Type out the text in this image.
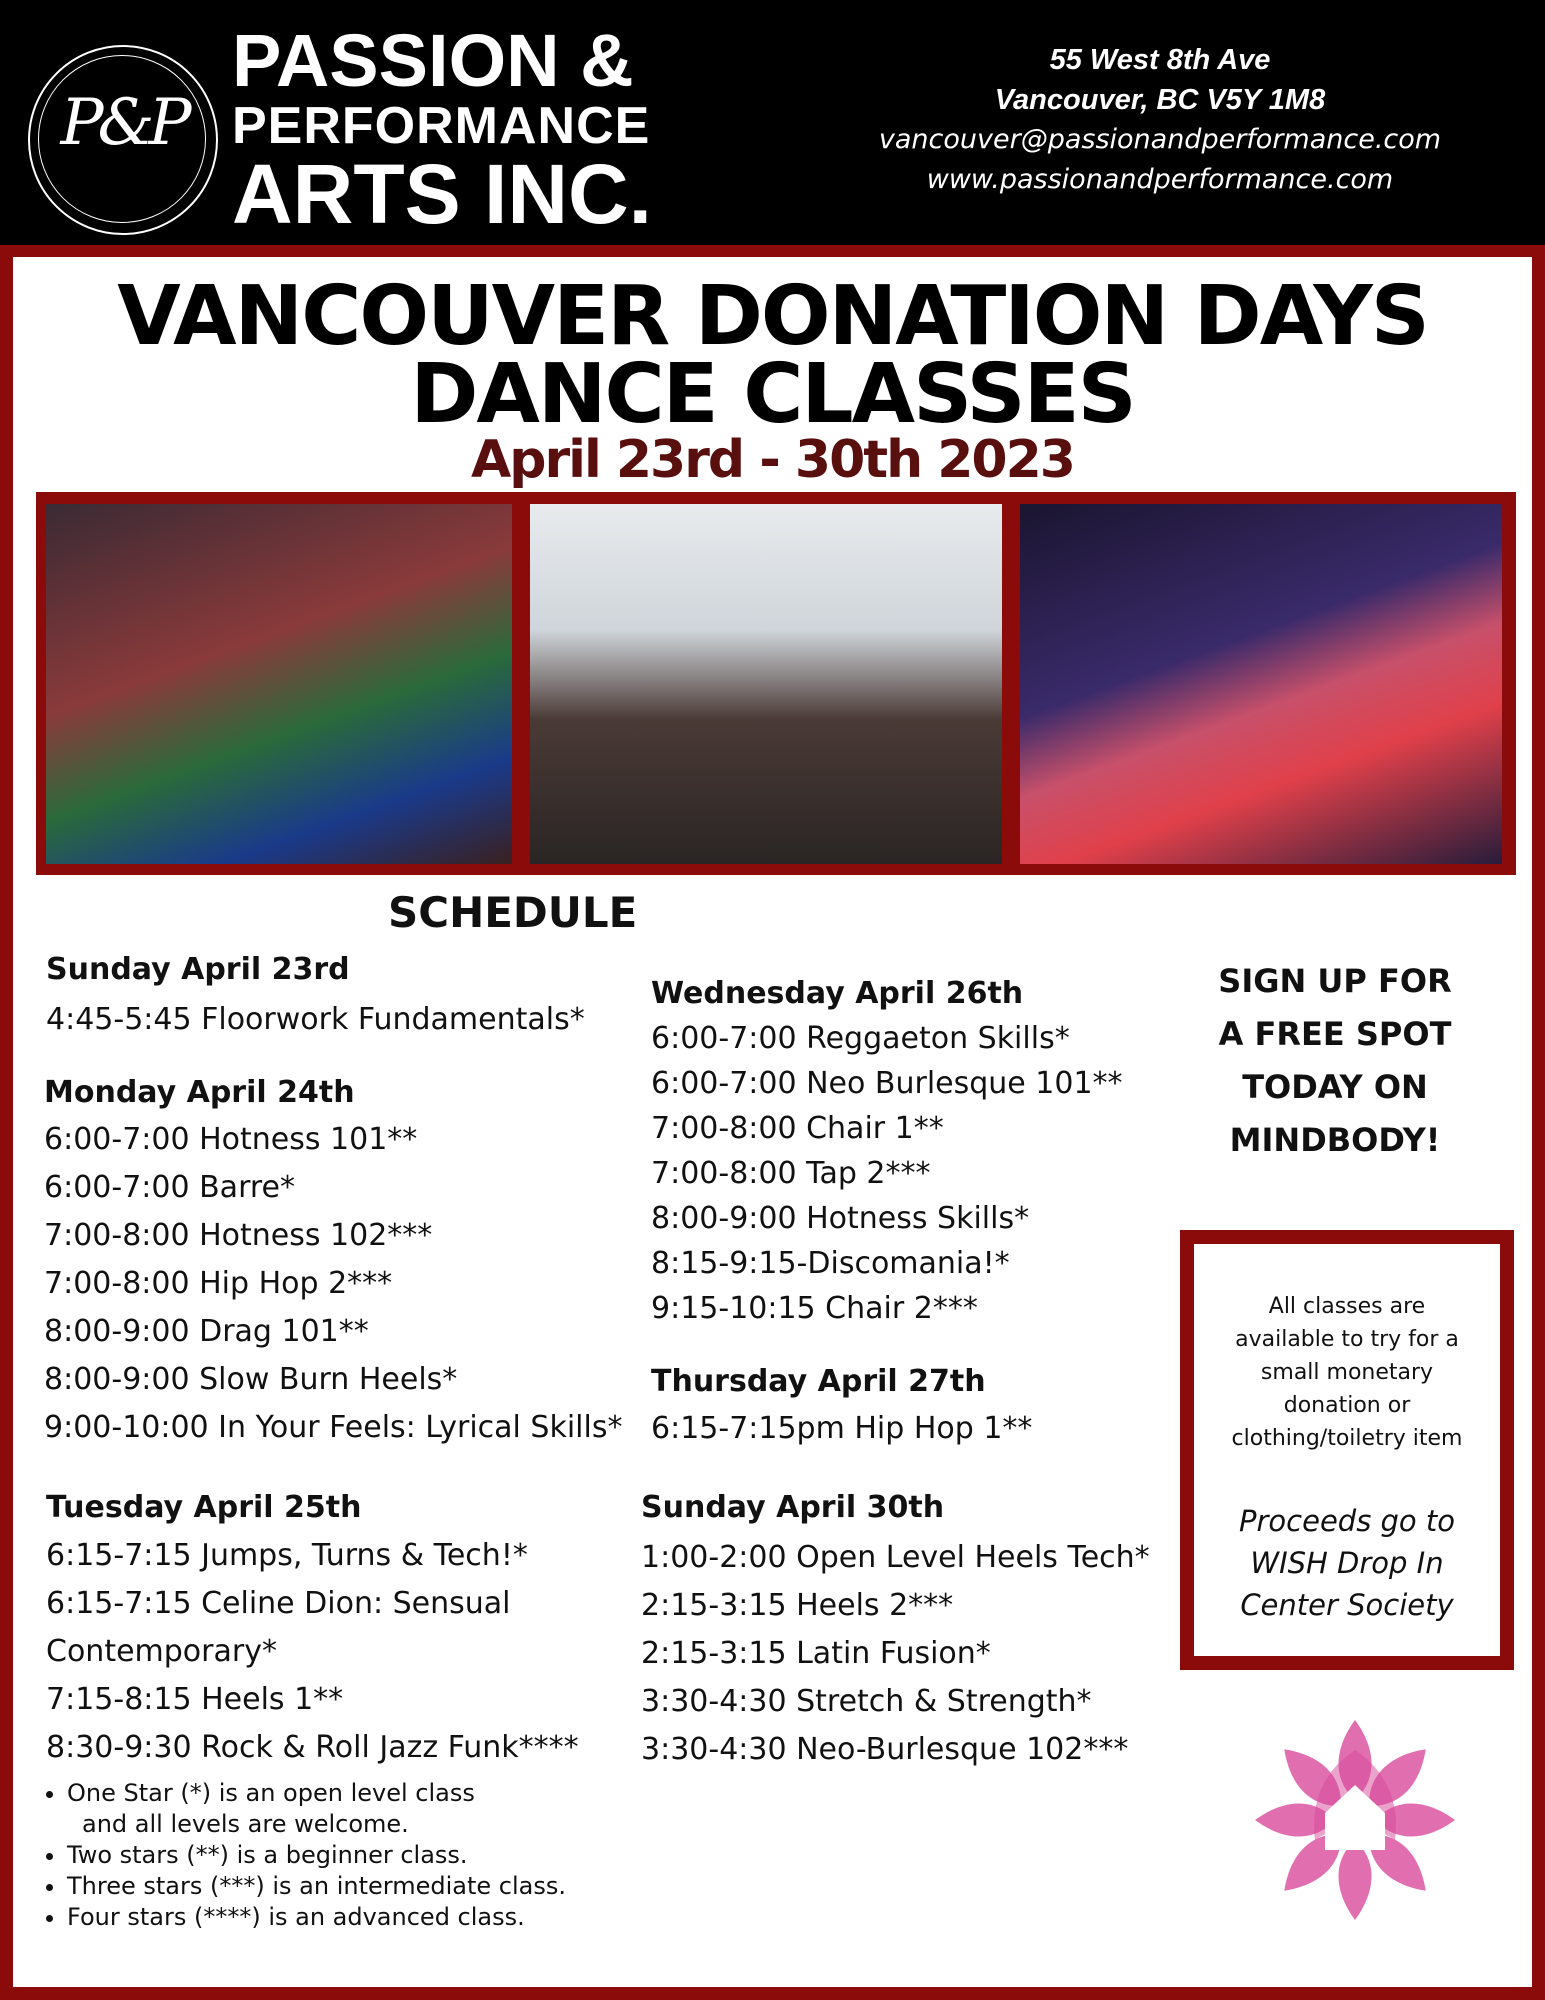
P&P
PASSION &
PERFORMANCE
ARTS INC.
55 West 8th Ave
Vancouver, BC V5Y 1M8
vancouver@passionandperformance.com
www.passionandperformance.com
VANCOUVER DONATION DAYS
DANCE CLASSES
April 23rd - 30th 2023
SCHEDULE
Sunday April 23rd
4:45-5:45 Floorwork Fundamentals*
Monday April 24th
6:00-7:00 Hotness 101**
6:00-7:00 Barre*
7:00-8:00 Hotness 102***
7:00-8:00 Hip Hop 2***
8:00-9:00 Drag 101**
8:00-9:00 Slow Burn Heels*
9:00-10:00 In Your Feels: Lyrical Skills*
Tuesday April 25th
6:15-7:15 Jumps, Turns & Tech!*
6:15-7:15 Celine Dion: Sensual
Contemporary*
7:15-8:15 Heels 1**
8:30-9:30 Rock & Roll Jazz Funk****
• One Star (*) is an open level class
and all levels are welcome.
• Two stars (**) is a beginner class.
• Three stars (***) is an intermediate class.
• Four stars (****) is an advanced class.
Wednesday April 26th
6:00-7:00 Reggaeton Skills*
6:00-7:00 Neo Burlesque 101**
7:00-8:00 Chair 1**
7:00-8:00 Tap 2***
8:00-9:00 Hotness Skills*
8:15-9:15-Discomania!*
9:15-10:15 Chair 2***
Thursday April 27th
6:15-7:15pm Hip Hop 1**
Sunday April 30th
1:00-2:00 Open Level Heels Tech*
2:15-3:15 Heels 2***
2:15-3:15 Latin Fusion*
3:30-4:30 Stretch & Strength*
3:30-4:30 Neo-Burlesque 102***
SIGN UP FOR
A FREE SPOT
TODAY ON
MINDBODY!
All classes are
available to try for a
small monetary
donation or
clothing/toiletry item
Proceeds go to
WISH Drop In
Center Society
